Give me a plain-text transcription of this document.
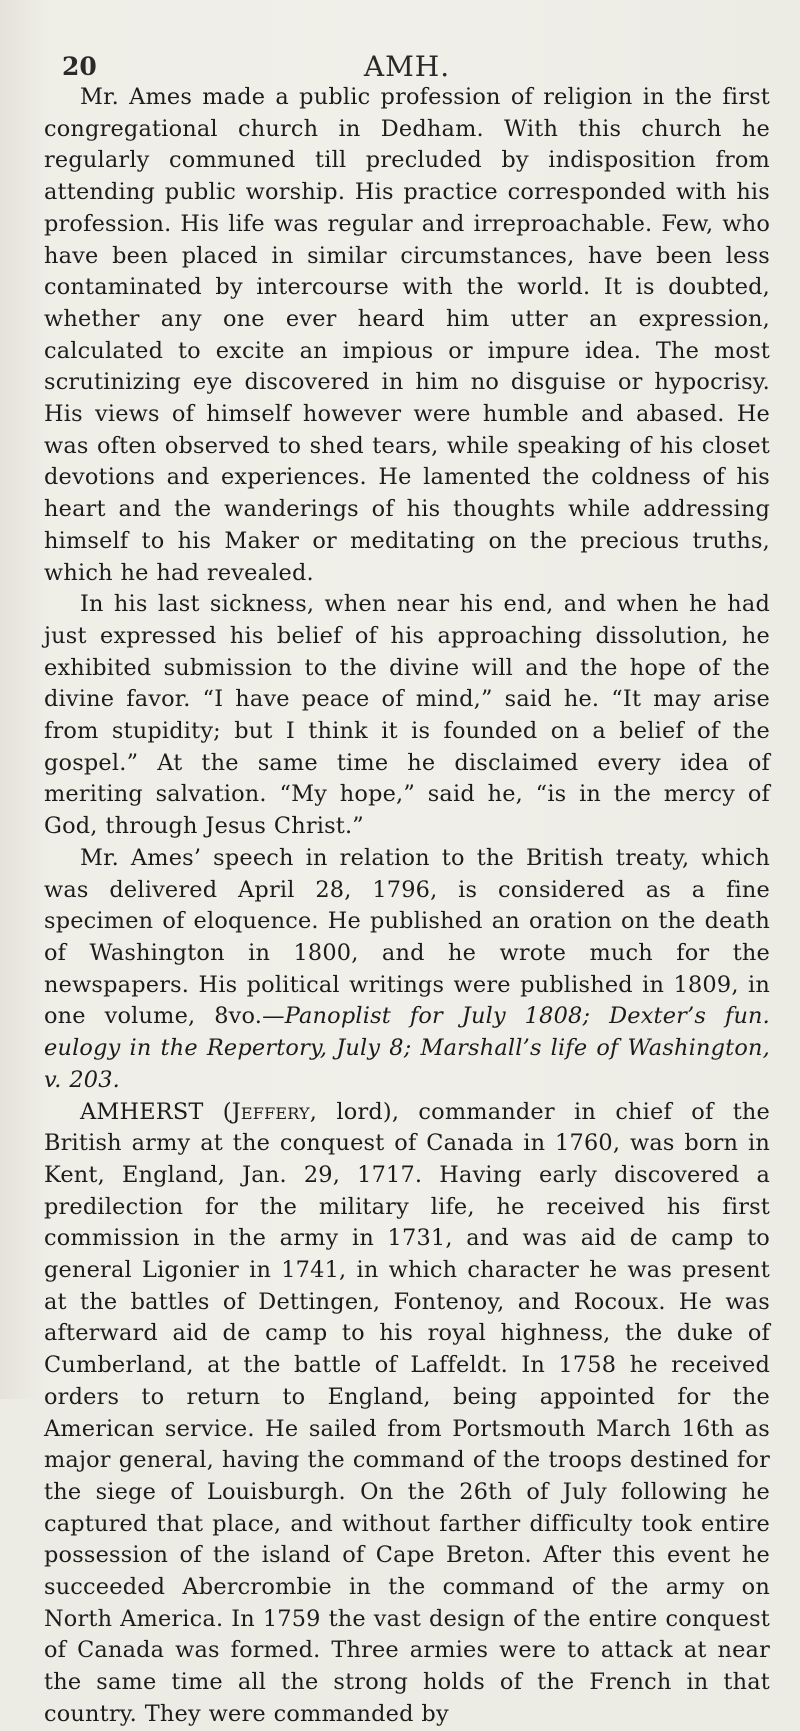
20	AMH.

Mr. Ames made a public profession of religion in the first congregational church in Dedham. With this church he regularly communed till precluded by indisposition from attending public worship. His practice corresponded with his profession. His life was regular and irreproachable. Few, who have been placed in similar circumstances, have been less contaminated by intercourse with the world. It is doubted, whether any one ever heard him utter an expression, calculated to excite an impious or impure idea. The most scrutinizing eye discovered in him no disguise or hypocrisy. His views of himself however were humble and abased. He was often observed to shed tears, while speaking of his closet devotions and experiences. He lamented the coldness of his heart and the wanderings of his thoughts while addressing himself to his Maker or meditating on the precious truths, which he had revealed.

In his last sickness, when near his end, and when he had just expressed his belief of his approaching dissolution, he exhibited submission to the divine will and the hope of the divine favor. “I have peace of mind,” said he. “It may arise from stupidity; but I think it is founded on a belief of the gospel.” At the same time he disclaimed every idea of meriting salvation. “My hope,” said he, “is in the mercy of God, through Jesus Christ.”

Mr. Ames’ speech in relation to the British treaty, which was delivered April 28, 1796, is considered as a fine specimen of eloquence. He published an oration on the death of Washington in 1800, and he wrote much for the newspapers. His political writings were published in 1809, in one volume, 8vo.—Panoplist for July 1808; Dexter’s fun. eulogy in the Repertory, July 8; Marshall’s life of Washington, v. 203.

AMHERST (Jeffery, lord), commander in chief of the British army at the conquest of Canada in 1760, was born in Kent, England, Jan. 29, 1717. Having early discovered a predilection for the military life, he received his first commission in the army in 1731, and was aid de camp to general Ligonier in 1741, in which character he was present at the battles of Dettingen, Fontenoy, and Rocoux. He was afterward aid de camp to his royal highness, the duke of Cumberland, at the battle of Laffeldt. In 1758 he received orders to return to England, being appointed for the American service. He sailed from Portsmouth March 16th as major general, having the command of the troops destined for the siege of Louisburgh. On the 26th of July following he captured that place, and without farther difficulty took entire possession of the island of Cape Breton. After this event he succeeded Abercrombie in the command of the army on North America. In 1759 the vast design of the entire conquest of Canada was formed. Three armies were to attack at near the same time all the strong holds of the French in that country. They were commanded by
